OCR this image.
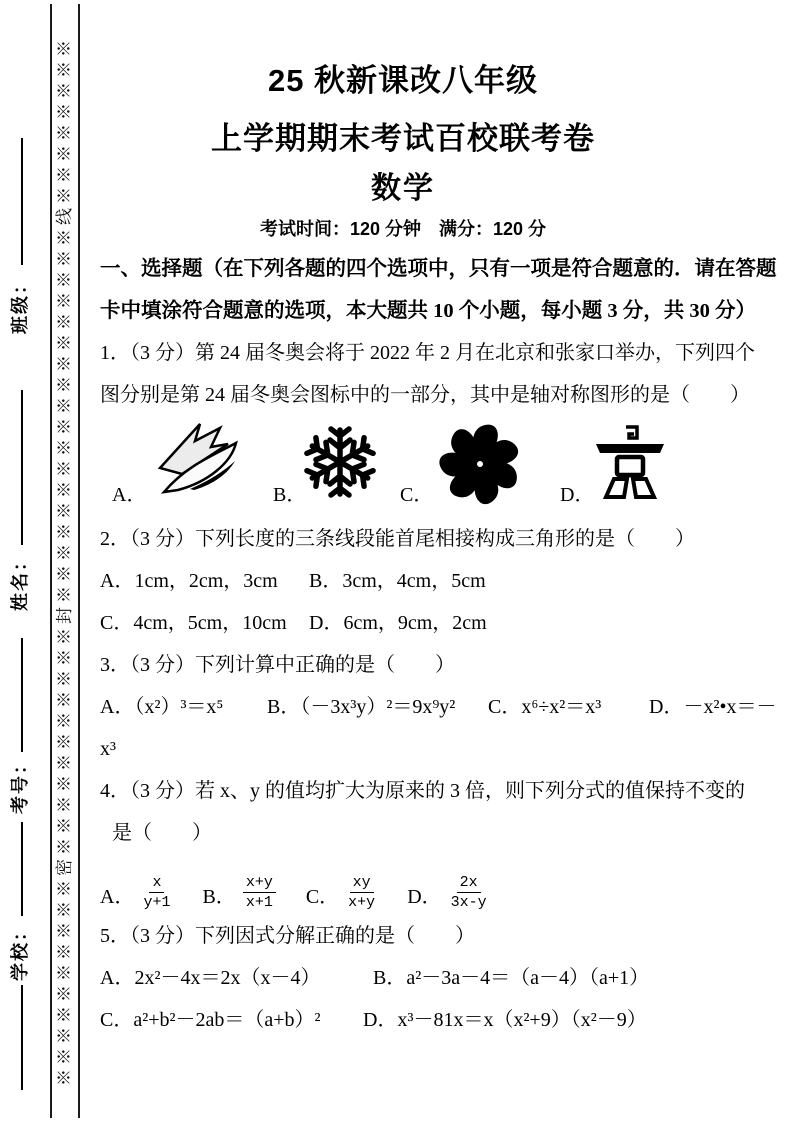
※※※※※※※※※※密※※※※※※※※※※※封※※※※※※※※※※※※※※※※※※线※※※※※※※※
班级：
姓名：
考号：
学校：
25 秋新课改八年级
上学期期末考试百校联考卷
数学
考试时间：120 分钟　满分：120 分
一、选择题（在下列各题的四个选项中，只有一项是符合题意的．请在答题
卡中填涂符合题意的选项，本大题共 10 个小题，每小题 3 分，共 30 分）
1．（3 分）第 24 届冬奥会将于 2022 年 2 月在北京和张家口举办，下列四个
图分别是第 24 届冬奥会图标中的一部分，其中是轴对称图形的是（　　）
A．	B．	C．	D．
2．（3 分）下列长度的三条线段能首尾相接构成三角形的是（　　）
A．1cm，2cm，3cm B．3cm，4cm，5cm
C．4cm，5cm，10cm D．6cm，9cm，2cm
3．（3 分）下列计算中正确的是（　　）
A．（x²）³＝x⁵ B．（－3x³y）²＝9x⁹y² C．x⁶÷x²＝x³ D．－x²•x＝－
x³
4．（3 分）若 x、y 的值均扩大为原来的 3 倍，则下列分式的值保持不变的
是（　　）
A． $\frac{x}{y+1}$ B． $\frac{x+y}{x+1}$ C． $\frac{xy}{x+y}$ D． $\frac{2x}{3x-y}$
5．（3 分）下列因式分解正确的是（　　）
A．2x²－4x＝2x（x－4）	B．a²－3a－4＝（a－4）（a+1）
C．a²+b²－2ab＝（a+b）² D．x³－81x＝x（x²+9）（x²－9）
